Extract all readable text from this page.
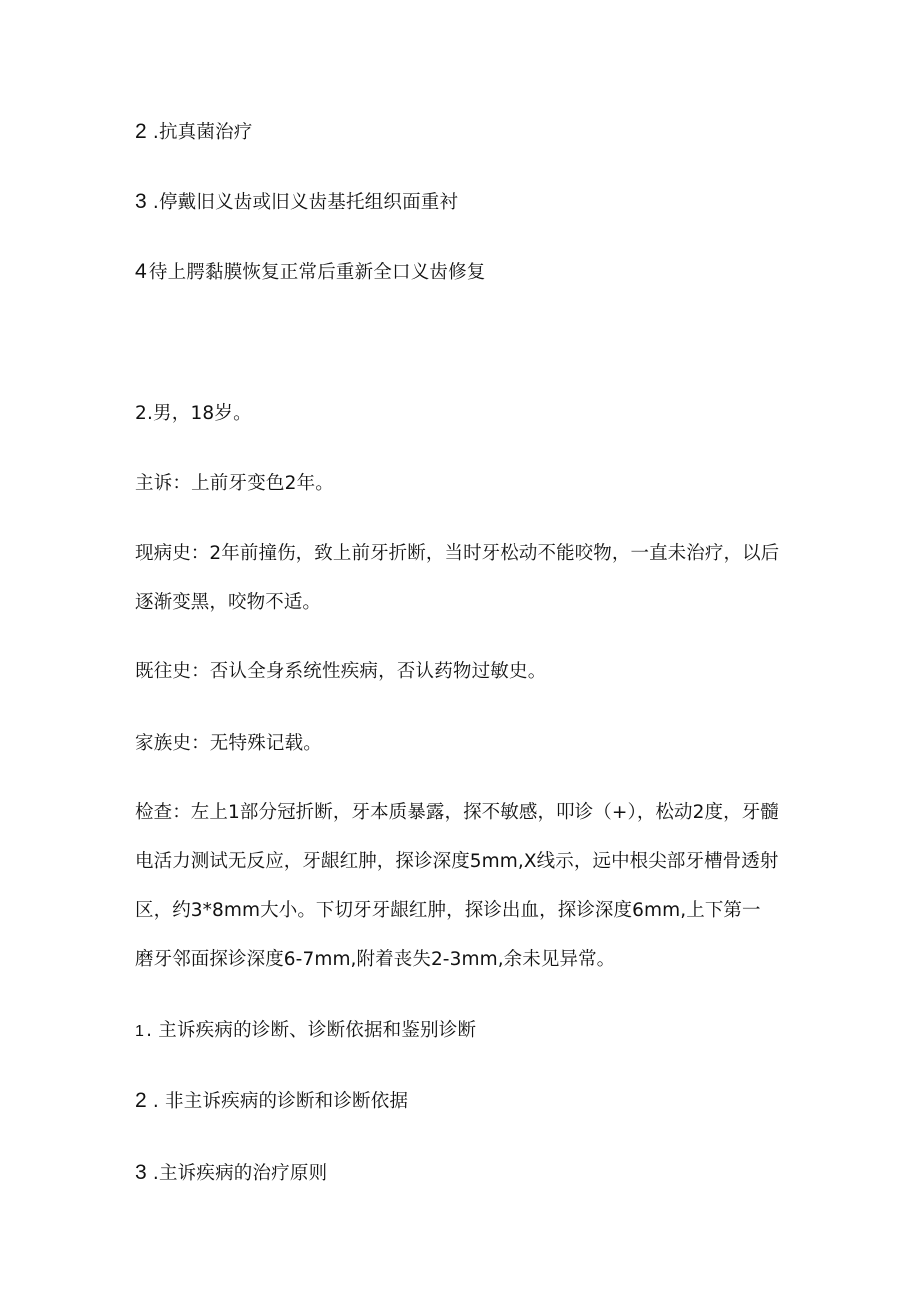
2 .抗真菌治疗
3 .停戴旧义齿或旧义齿基托组织面重衬
4 待上腭黏膜恢复正常后重新全口义齿修复
2.男，18岁。
主诉：上前牙变色2年。
现病史：2年前撞伤，致上前牙折断，当时牙松动不能咬物，一直未治疗，以后
逐渐变黑，咬物不适。
既往史：否认全身系统性疾病，否认药物过敏史。
家族史：无特殊记载。
检查：左上1部分冠折断，牙本质暴露，探不敏感，叩诊（+），松动2度，牙髓
电活力测试无反应，牙龈红肿，探诊深度5mm,X线示，远中根尖部牙槽骨透射
区，约3*8mm大小。下切牙牙龈红肿，探诊出血，探诊深度6mm,上下第一
磨牙邻面探诊深度6-7mm,附着丧失2-3mm,余未见异常。
1 . 主诉疾病的诊断、诊断依据和鉴别诊断
2 . 非主诉疾病的诊断和诊断依据
3 .主诉疾病的治疗原则
